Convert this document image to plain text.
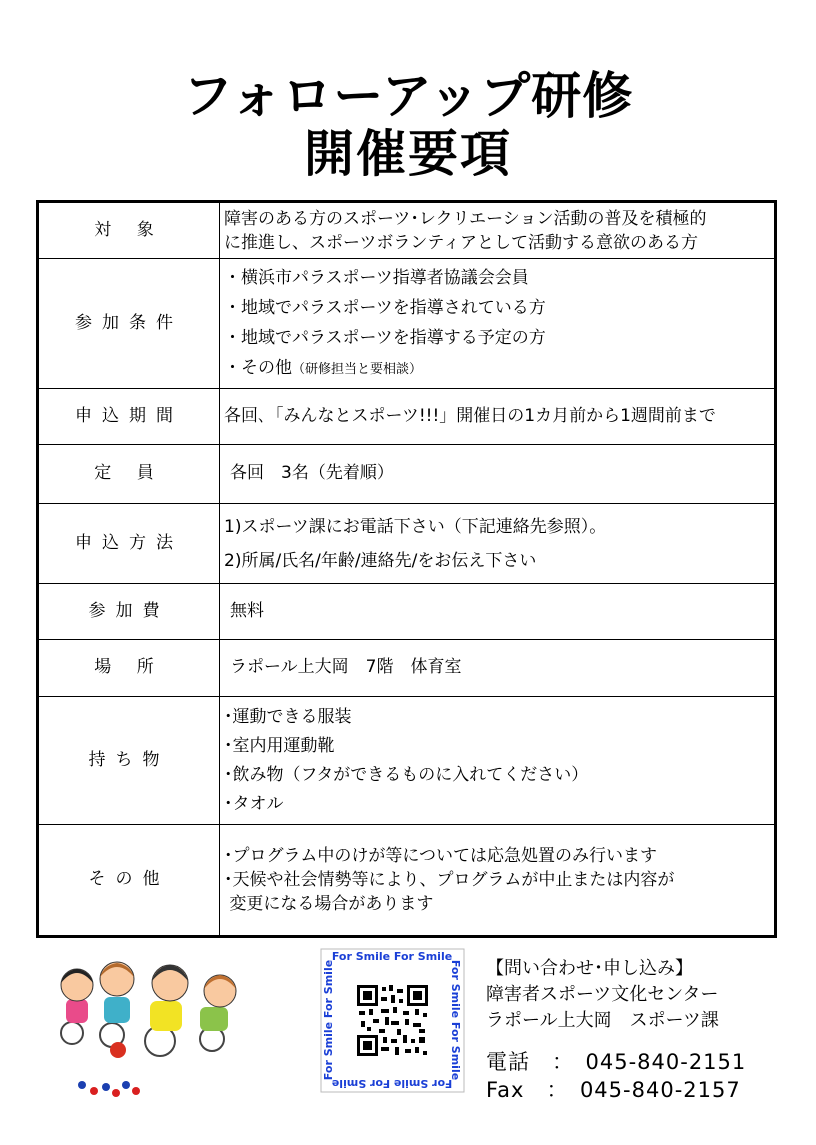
フォローアップ研修
開催要項
対 象	障害のある方のスポーツ･レクリエーション活動の普及を積極的
に推進し、スポーツボランティアとして活動する意欲のある方

参加条件	・横浜市パラスポーツ指導者協議会会員
・地域でパラスポーツを指導されている方
・地域でパラスポーツを指導する予定の方
・その他（研修担当と要相談）

申込期間	各回､「みんなとスポーツ!!!」開催日の1カ月前から1週間前まで

定 員	各回　3名（先着順）

申込方法	1)スポーツ課にお電話下さい（下記連絡先参照）。
2)所属/氏名/年齢/連絡先/をお伝え下さい

参加費	無料

場 所	ラポール上大岡　7階　体育室

持ち物	･運動できる服装
･室内用運動靴
･飲み物（フタができるものに入れてください）
･タオル

その他	･プログラム中のけが等については応急処置のみ行います
･天候や社会情勢等により、プログラムが中止または内容が
変更になる場合があります
For Smile For Smile
For Smile For Smile
For Smile For Smile
For Smile For Smile	【問い合わせ･申し込み】
障害者スポーツ文化センター
ラポール上大岡　スポーツ課
電話　：　045-840-2151
Fax　：　045-840-2157
